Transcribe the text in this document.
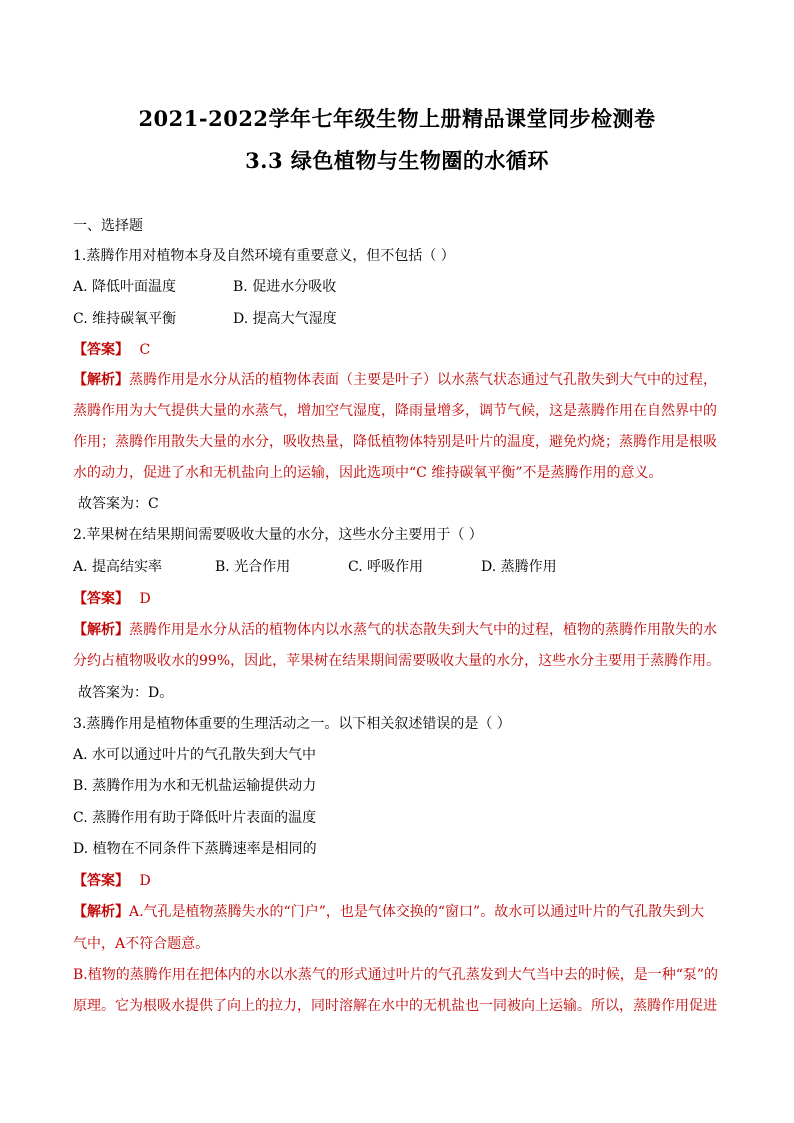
2021-2022学年七年级生物上册精品课堂同步检测卷
3.3 绿色植物与生物圈的水循环
一、选择题
1.蒸腾作用对植物本身及自然环境有重要意义，但不包括（ ）
A. 降低叶面温度	B. 促进水分吸收
C. 维持碳氧平衡	D. 提高大气湿度
【答案】 C
【解析】蒸腾作用是水分从活的植物体表面（主要是叶子）以水蒸气状态通过气孔散失到大气中的过程，
蒸腾作用为大气提供大量的水蒸气，增加空气湿度，降雨量增多，调节气候，这是蒸腾作用在自然界中的
作用；蒸腾作用散失大量的水分，吸收热量，降低植物体特别是叶片的温度，避免灼烧；蒸腾作用是根吸
水的动力，促进了水和无机盐向上的运输，因此选项中“C 维持碳氧平衡”不是蒸腾作用的意义。
故答案为：C
2.苹果树在结果期间需要吸收大量的水分，这些水分主要用于（ ）
A. 提高结实率	B. 光合作用	C. 呼吸作用	D. 蒸腾作用
【答案】 D
【解析】蒸腾作用是水分从活的植物体内以水蒸气的状态散失到大气中的过程，植物的蒸腾作用散失的水
分约占植物吸收水的99%，因此，苹果树在结果期间需要吸收大量的水分，这些水分主要用于蒸腾作用。
故答案为：D。
3.蒸腾作用是植物体重要的生理活动之一。以下相关叙述错误的是（ ）
A. 水可以通过叶片的气孔散失到大气中
B. 蒸腾作用为水和无机盐运输提供动力
C. 蒸腾作用有助于降低叶片表面的温度
D. 植物在不同条件下蒸腾速率是相同的
【答案】 D
【解析】A.气孔是植物蒸腾失水的“门户”，也是气体交换的“窗口”。故水可以通过叶片的气孔散失到大
气中，A不符合题意。
B.植物的蒸腾作用在把体内的水以水蒸气的形式通过叶片的气孔蒸发到大气当中去的时候，是一种“泵”的
原理。它为根吸水提供了向上的拉力，同时溶解在水中的无机盐也一同被向上运输。所以，蒸腾作用促进
